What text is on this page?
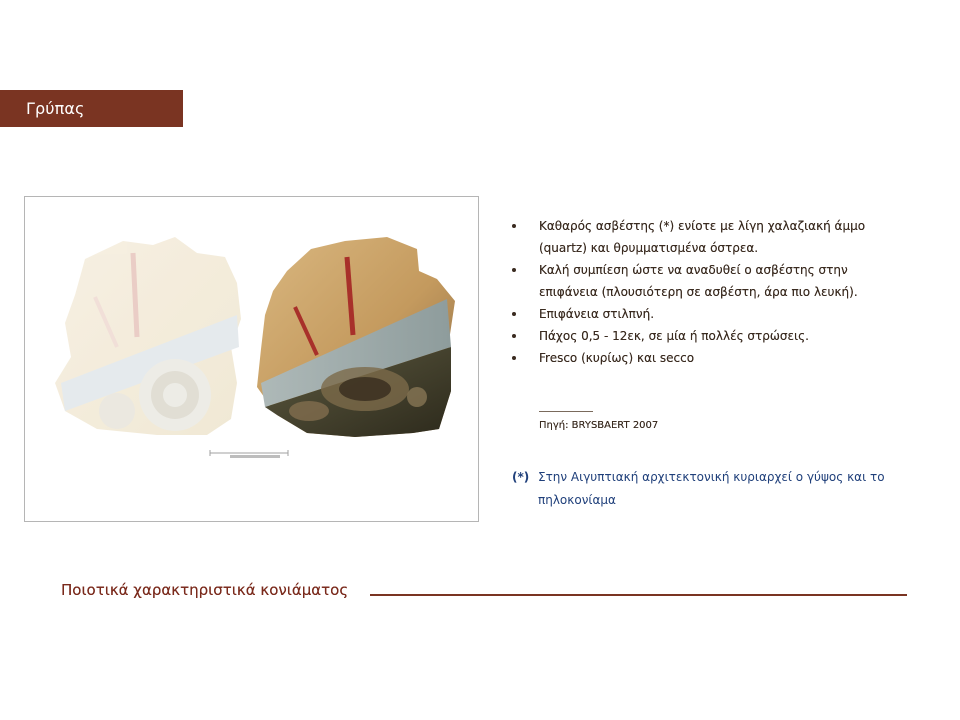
Γρύπας
Καθαρός ασβέστης (*) ενίοτε με λίγη χαλαζιακή άμμο (quartz) και θρυμματισμένα όστρεα.
Καλή συμπίεση ώστε να αναδυθεί ο ασβέστης στην επιφάνεια (πλουσιότερη σε ασβέστη, άρα πιο λευκή).
Επιφάνεια στιλπνή.
Πάχος 0,5 - 12εκ, σε μία ή πολλές στρώσεις.
Fresco (κυρίως) και secco
Πηγή: BRYSBAERT 2007
(*) Στην Αιγυπτιακή αρχιτεκτονική κυριαρχεί ο γύψος και το πηλοκονίαμα
Ποιοτικά χαρακτηριστικά κονιάματος
